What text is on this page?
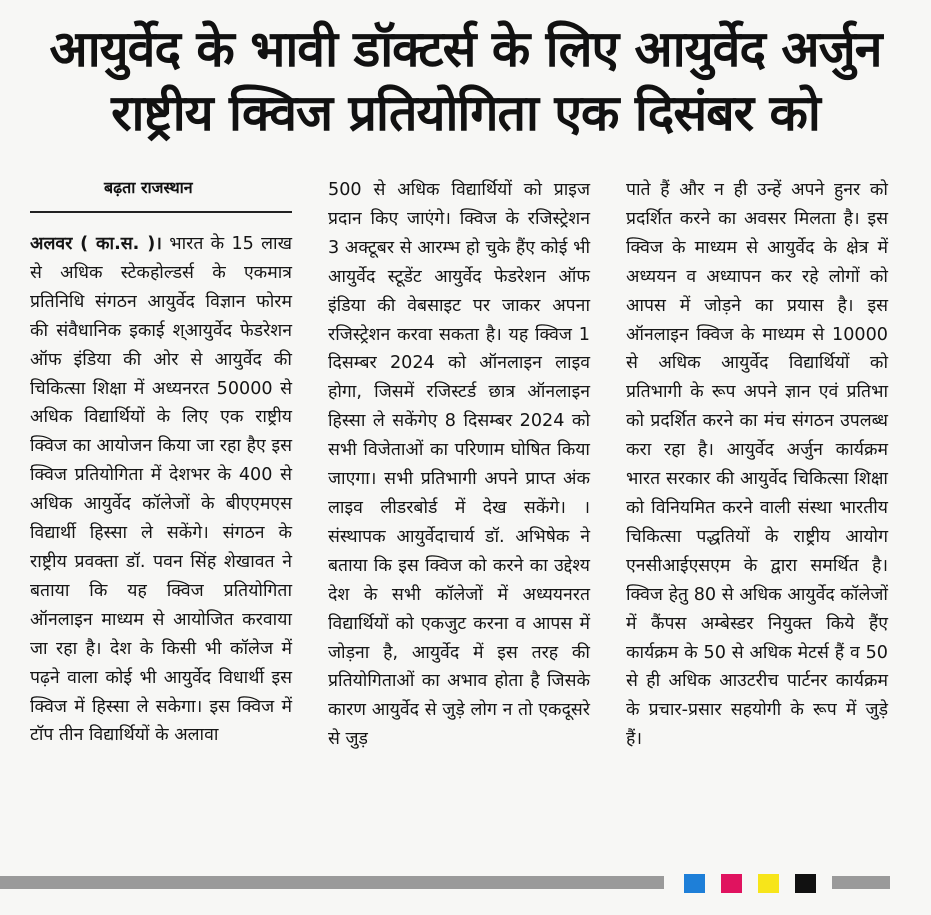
आयुर्वेद के भावी डॉक्टर्स के लिए आयुर्वेद अर्जुन
राष्ट्रीय क्विज प्रतियोगिता एक दिसंबर को
बढ़ता राजस्थान
अलवर ( का.स. )। भारत के 15 लाख से अधिक स्टेकहोल्डर्स के एकमात्र प्रतिनिधि संगठन आयुर्वेद विज्ञान फोरम की संवैधानिक इकाई श्आयुर्वेद फेडरेशन ऑफ इंडिया की ओर से आयुर्वेद की चिकित्सा शिक्षा में अध्यनरत 50000 से अधिक विद्यार्थियों के लिए एक राष्ट्रीय क्विज का आयोजन किया जा रहा हैए इस क्विज प्रतियोगिता में देशभर के 400 से अधिक आयुर्वेद कॉलेजों के बीएएमएस विद्यार्थी हिस्सा ले सकेंगे। संगठन के राष्ट्रीय प्रवक्ता डॉ. पवन सिंह शेखावत ने बताया कि यह क्विज प्रतियोगिता ऑनलाइन माध्यम से आयोजित करवाया जा रहा है। देश के किसी भी कॉलेज में पढ़ने वाला कोई भी आयुर्वेद विधार्थी इस क्विज में हिस्सा ले सकेगा। इस क्विज में टॉप तीन विद्यार्थियों के अलावा
500 से अधिक विद्यार्थियों को प्राइज प्रदान किए जाएंगे। क्विज के रजिस्ट्रेशन 3 अक्टूबर से आरम्भ हो चुके हैंए कोई भी आयुर्वेद स्टूडेंट आयुर्वेद फेडरेशन ऑफ इंडिया की वेबसाइट पर जाकर अपना रजिस्ट्रेशन करवा सकता है। यह क्विज 1 दिसम्बर 2024 को ऑनलाइन लाइव होगा, जिसमें रजिस्टर्ड छात्र ऑनलाइन हिस्सा ले सकेंगेए 8 दिसम्बर 2024 को सभी विजेताओं का परिणाम घोषित किया जाएगा। सभी प्रतिभागी अपने प्राप्त अंक लाइव लीडरबोर्ड में देख सकेंगे। । संस्थापक आयुर्वेदाचार्य डॉ. अभिषेक ने बताया कि इस क्विज को करने का उद्देश्य देश के सभी कॉलेजों में अध्ययनरत विद्यार्थियों को एकजुट करना व आपस में जोड़ना है, आयुर्वेद में इस तरह की प्रतियोगिताओं का अभाव होता है जिसके कारण आयुर्वेद से जुड़े लोग न तो एकदूसरे से जुड़
पाते हैं और न ही उन्हें अपने हुनर को प्रदर्शित करने का अवसर मिलता है। इस क्विज के माध्यम से आयुर्वेद के क्षेत्र में अध्ययन व अध्यापन कर रहे लोगों को आपस में जोड़ने का प्रयास है। इस ऑनलाइन क्विज के माध्यम से 10000 से अधिक आयुर्वेद विद्यार्थियों को प्रतिभागी के रूप अपने ज्ञान एवं प्रतिभा को प्रदर्शित करने का मंच संगठन उपलब्ध करा रहा है। आयुर्वेद अर्जुन कार्यक्रम भारत सरकार की आयुर्वेद चिकित्सा शिक्षा को विनियमित करने वाली संस्था भारतीय चिकित्सा पद्धतियों के राष्ट्रीय आयोग एनसीआईएसएम के द्वारा समर्थित है। क्विज हेतु 80 से अधिक आयुर्वेद कॉलेजों में कैंपस अम्बेस्डर नियुक्त किये हैंए कार्यक्रम के 50 से अधिक मेटर्स हैं व 50 से ही अधिक आउटरीच पार्टनर कार्यक्रम के प्रचार-प्रसार सहयोगी के रूप में जुड़े हैं।
